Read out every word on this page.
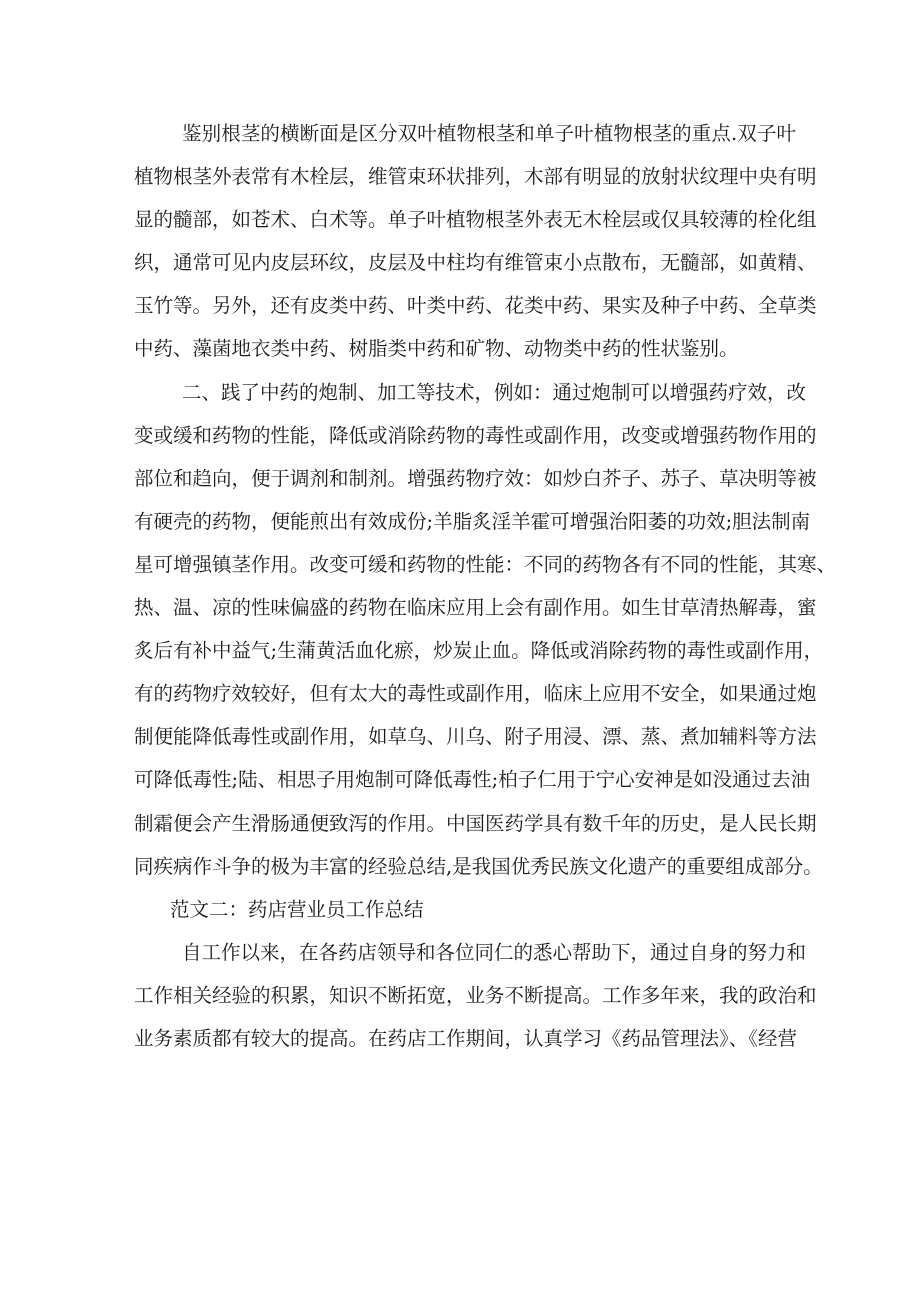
鉴别根茎的横断面是区分双叶植物根茎和单子叶植物根茎的重点.双子叶
植物根茎外表常有木栓层，维管束环状排列，木部有明显的放射状纹理中央有明
显的髓部，如苍术、白术等。单子叶植物根茎外表无木栓层或仅具较薄的栓化组
织，通常可见内皮层环纹，皮层及中柱均有维管束小点散布，无髓部，如黄精、
玉竹等。另外，还有皮类中药、叶类中药、花类中药、果实及种子中药、全草类
中药、藻菌地衣类中药、树脂类中药和矿物、动物类中药的性状鉴别。
二、践了中药的炮制、加工等技术，例如：通过炮制可以增强药疗效，改
变或缓和药物的性能，降低或消除药物的毒性或副作用，改变或增强药物作用的
部位和趋向，便于调剂和制剂。增强药物疗效：如炒白芥子、苏子、草决明等被
有硬壳的药物，便能煎出有效成份;羊脂炙淫羊霍可增强治阳萎的功效;胆法制南
星可增强镇茎作用。改变可缓和药物的性能：不同的药物各有不同的性能，其寒、
热、温、凉的性味偏盛的药物在临床应用上会有副作用。如生甘草清热解毒，蜜
炙后有补中益气;生蒲黄活血化瘀，炒炭止血。降低或消除药物的毒性或副作用，
有的药物疗效较好，但有太大的毒性或副作用，临床上应用不安全，如果通过炮
制便能降低毒性或副作用，如草乌、川乌、附子用浸、漂、蒸、煮加辅料等方法
可降低毒性;陆、相思子用炮制可降低毒性;柏子仁用于宁心安神是如没通过去油
制霜便会产生滑肠通便致泻的作用。中国医药学具有数千年的历史，是人民长期
同疾病作斗争的极为丰富的经验总结,是我国优秀民族文化遗产的重要组成部分。
范文二：药店营业员工作总结
自工作以来，在各药店领导和各位同仁的悉心帮助下，通过自身的努力和
工作相关经验的积累，知识不断拓宽，业务不断提高。工作多年来，我的政治和
业务素质都有较大的提高。在药店工作期间，认真学习《药品管理法》、《经营
